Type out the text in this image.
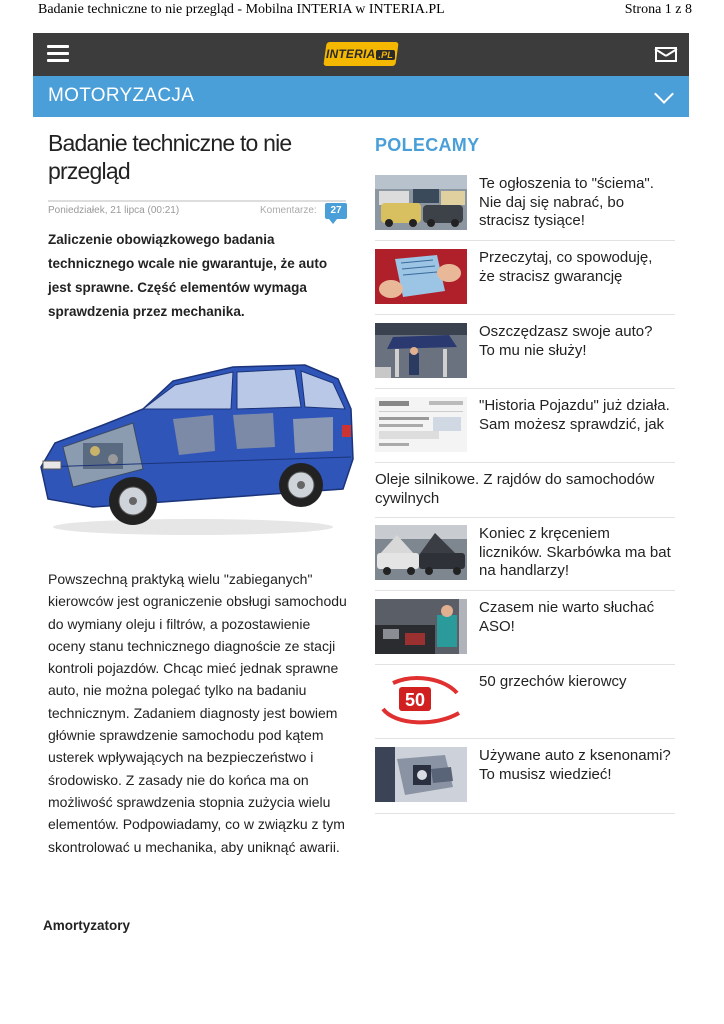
Badanie techniczne to nie przegląd - Mobilna INTERIA w INTERIA.PL	Strona 1 z 8
INTERIA .PL
MOTORYZACJA
Badanie techniczne to nie przegląd
Poniedziałek, 21 lipca (00:21)	Komentarze:	27

Zaliczenie obowiązkowego badania technicznego wcale nie gwarantuje, że auto jest sprawne. Część elementów wymaga sprawdzenia przez mechanika.

Powszechną praktyką wielu "zabieganych" kierowców jest ograniczenie obsługi samochodu do wymiany oleju i filtrów, a pozostawienie oceny stanu technicznego diagnoście ze stacji kontroli pojazdów. Chcąc mieć jednak sprawne auto, nie można polegać tylko na badaniu technicznym. Zadaniem diagnosty jest bowiem głównie sprawdzenie samochodu pod kątem usterek wpływających na bezpieczeństwo i środowisko. Z zasady nie do końca ma on możliwość sprawdzenia stopnia zużycia wielu elementów. Podpowiadamy, co w związku z tym skontrolować u mechanika, aby uniknąć awarii.

Amortyzatory
POLECAMY
Te ogłoszenia to "ściema". Nie daj się nabrać, bo stracisz tysiące!
Przeczytaj, co spowoduję, że stracisz gwarancję
Oszczędzasz swoje auto? To mu nie służy!
"Historia Pojazdu" już działa. Sam możesz sprawdzić, jak
Oleje silnikowe. Z rajdów do samochodów cywilnych
Koniec z kręceniem liczników. Skarbówka ma bat na handlarzy!
Czasem nie warto słuchać ASO!
50
50 grzechów kierowcy
Używane auto z ksenonami? To musisz wiedzieć!
